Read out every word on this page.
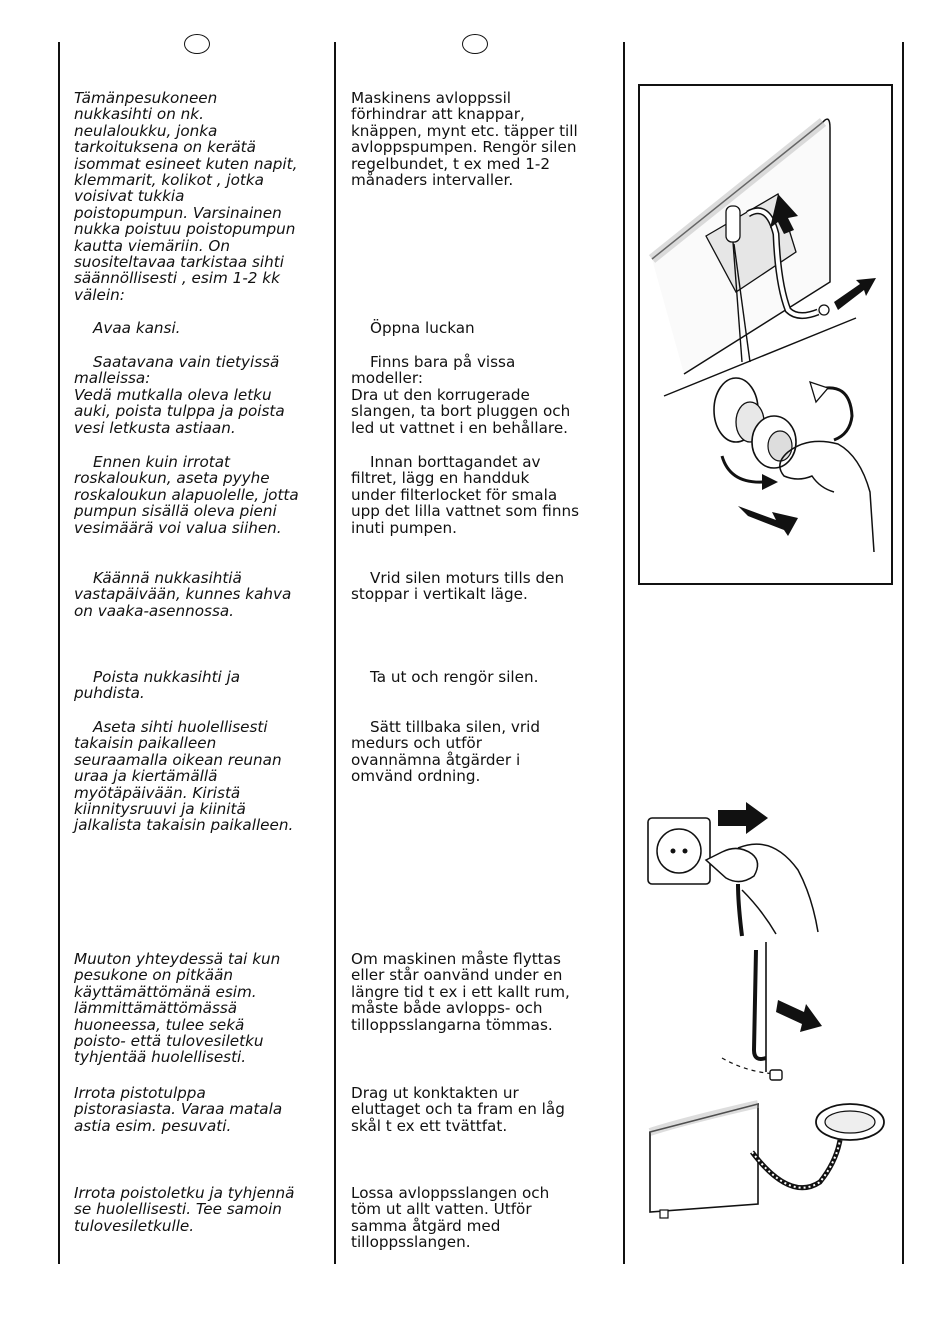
Tämänpesukoneen
nukkasihti on nk.
neulaloukku, jonka
tarkoituksena on kerätä
isommat esineet kuten napit,
klemmarit, kolikot , jotka
voisivat tukkia
poistopumpun. Varsinainen
nukka poistuu poistopumpun
kautta viemäriin. On
suositeltavaa tarkistaa sihti
säännöllisesti , esim 1-2 kk
välein:

Avaa kansi.

Saatavana vain tietyissä
malleissa:
Vedä mutkalla oleva letku
auki, poista tulppa ja poista
vesi letkusta astiaan.

Ennen kuin irrotat
roskaloukun, aseta pyyhe
roskaloukun alapuolelle, jotta
pumpun sisällä oleva pieni
vesimäärä voi valua siihen.

Käännä nukkasihtiä
vastapäivään, kunnes kahva
on vaaka-asennossa.

Poista nukkasihti ja
puhdista.

Aseta sihti huolellisesti
takaisin paikalleen
seuraamalla oikean reunan
uraa ja kiertämällä
myötäpäivään. Kiristä
kiinnitysruuvi ja kiinitä
jalkalista takaisin paikalleen.

Muuton yhteydessä tai kun
pesukone on pitkään
käyttämättömänä esim.
lämmittämättömässä
huoneessa, tulee sekä
poisto- että tulovesiletku
tyhjentää huolellisesti.

Irrota pistotulppa
pistorasiasta. Varaa matala
astia esim. pesuvati.

Irrota poistoletku ja tyhjennä
se huolellisesti. Tee samoin
tulovesiletkulle.

Maskinens avloppssil
förhindrar att knappar,
knäppen, mynt etc. täpper till
avloppspumpen. Rengör silen
regelbundet, t ex med 1-2
månaders intervaller.

Öppna luckan

Finns bara på vissa
modeller:
Dra ut den korrugerade
slangen, ta bort pluggen och
led ut vattnet i en behållare.

Innan borttagandet av
filtret, lägg en handduk
under filterlocket för smala
upp det lilla vattnet som finns
inuti pumpen.

Vrid silen moturs tills den
stoppar i vertikalt läge.

Ta ut och rengör silen.

Sätt tillbaka silen, vrid
medurs och utför
ovannämna åtgärder i
omvänd ordning.

Om maskinen måste flyttas
eller står oanvänd under en
längre tid t ex i ett kallt rum,
måste både avlopps- och
tilloppsslangarna tömmas.

Drag ut konktakten ur
eluttaget och ta fram en låg
skål t ex ett tvättfat.

Lossa avloppsslangen och
töm ut allt vatten. Utför
samma åtgärd med
tilloppsslangen.
